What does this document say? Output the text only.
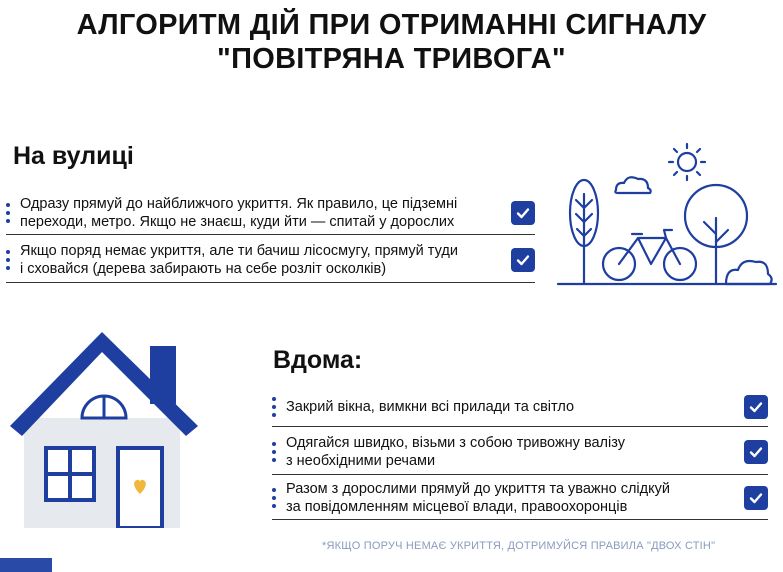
АЛГОРИТМ ДІЙ ПРИ ОТРИМАННІ СИГНАЛУ
"ПОВІТРЯНА ТРИВОГА"
На вулиці
Одразу прямуй до найближчого укриття. Як правило, це підземні
переходи, метро. Якщо не знаєш, куди йти — спитай у дорослих
Якщо поряд немає укриття, але ти бачиш лісосмугу, прямуй туди
і сховайся (дерева забирають на себе розліт осколків)
Вдома:
Закрий вікна, вимкни всі прилади та світло
Одягайся швидко, візьми з собою тривожну валізу
з необхідними речами
Разом з дорослими прямуй до укриття та уважно слідкуй
за повідомленням місцевої влади, правоохоронців
*ЯКЩО ПОРУЧ НЕМАЄ УКРИТТЯ, ДОТРИМУЙСЯ ПРАВИЛА "ДВОХ СТІН"
